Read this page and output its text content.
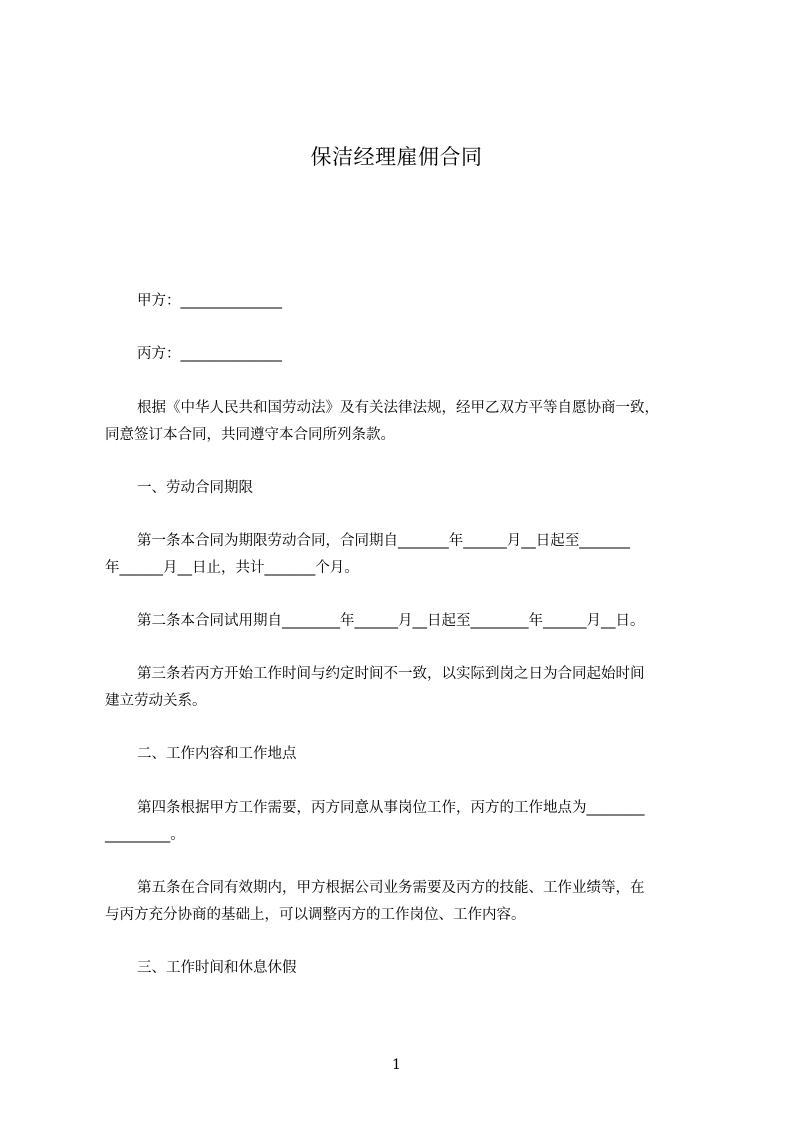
保洁经理雇佣合同
甲方：______________
丙方：______________
根据《中华人民共和国劳动法》及有关法律法规，经甲乙双方平等自愿协商一致，
同意签订本合同，共同遵守本合同所列条款。
一、劳动合同期限
第一条本合同为期限劳动合同，合同期自_______年______月__日起至_______
年______月__日止，共计_______个月。
第二条本合同试用期自________年______月__日起至________年______月__日。
第三条若丙方开始工作时间与约定时间不一致，以实际到岗之日为合同起始时间
建立劳动关系。
二、工作内容和工作地点
第四条根据甲方工作需要，丙方同意从事岗位工作，丙方的工作地点为________
_________。
第五条在合同有效期内，甲方根据公司业务需要及丙方的技能、工作业绩等，在
与丙方充分协商的基础上，可以调整丙方的工作岗位、工作内容。
三、工作时间和休息休假
1
